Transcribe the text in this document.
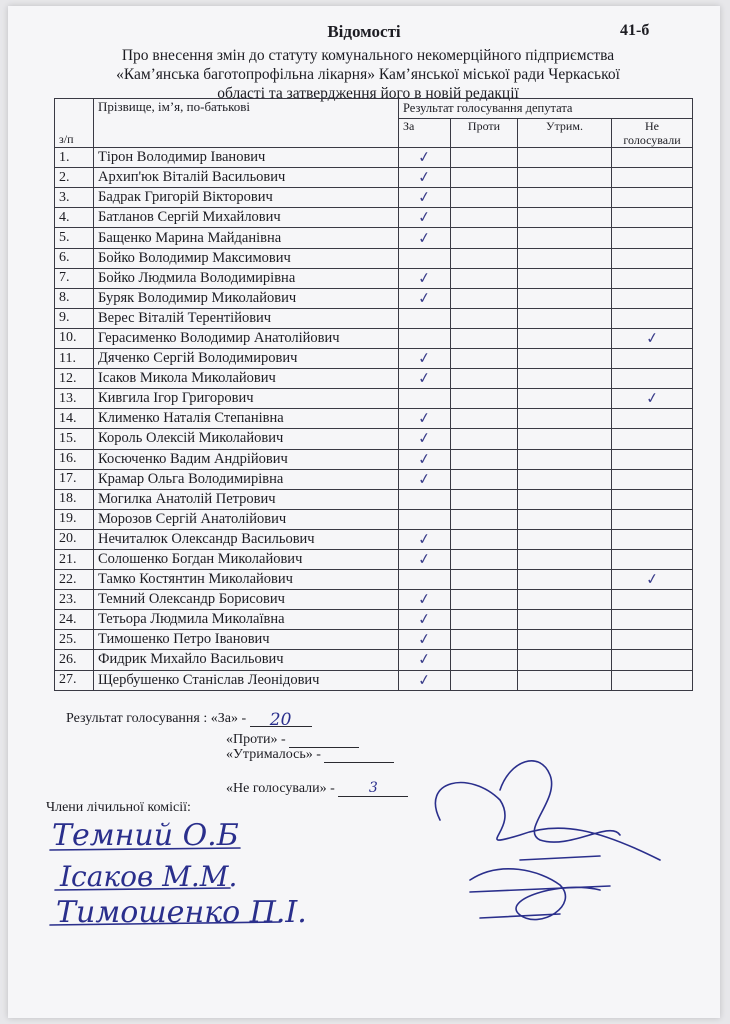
Відомості	41-б
Про внесення змін до статуту комунального некомерційного підприємства
«Кам’янська баготопрофільна лікарня» Кам’янської міської ради Черкаської
області та затвердження його в новій редакції
з/п	Прізвище, ім’я, по-батькові	Результат голосування депутата			
		За	Проти	Утрим.	Не голосували
1.	Тірон Володимир Іванович	✓			
2.	Архип'юк Віталій Васильович	✓			
3.	Бадрак Григорій Вікторович	✓			
4.	Батланов Сергій Михайлович	✓			
5.	Бащенко Марина Майданівна	✓			
6.	Бойко Володимир Максимович				
7.	Бойко Людмила Володимирівна	✓			
8.	Буряк Володимир Миколайович	✓			
9.	Верес Віталій Терентійович				
10.	Герасименко Володимир Анатолійович				✓
11.	Дяченко Сергій Володимирович	✓			
12.	Ісаков Микола Миколайович	✓			
13.	Кивгила Ігор Григорович				✓
14.	Клименко Наталія Степанівна	✓			
15.	Король Олексій Миколайович	✓			
16.	Косюченко Вадим Андрійович	✓			
17.	Крамар Ольга Володимирівна	✓			
18.	Могилка Анатолій Петрович				
19.	Морозов Сергій Анатолійович				
20.	Нечиталюк Олександр Васильович	✓			
21.	Солошенко Богдан Миколайович	✓			
22.	Тамко Костянтин Миколайович				✓
23.	Темний Олександр Борисович	✓			
24.	Тетьора Людмила Миколаївна	✓			
25.	Тимошенко Петро Іванович	✓			
26.	Фидрик Михайло Васильович	✓			
27.	Щербушенко Станіслав Леонідович	✓			
Результат голосування : «За» - 20
«Проти» -
«Утрималось» -
«Не голосували» - 3
Члени лічильної комісії:
Темний О.Б
Ісаков М.М.
Тимошенко П.І.
